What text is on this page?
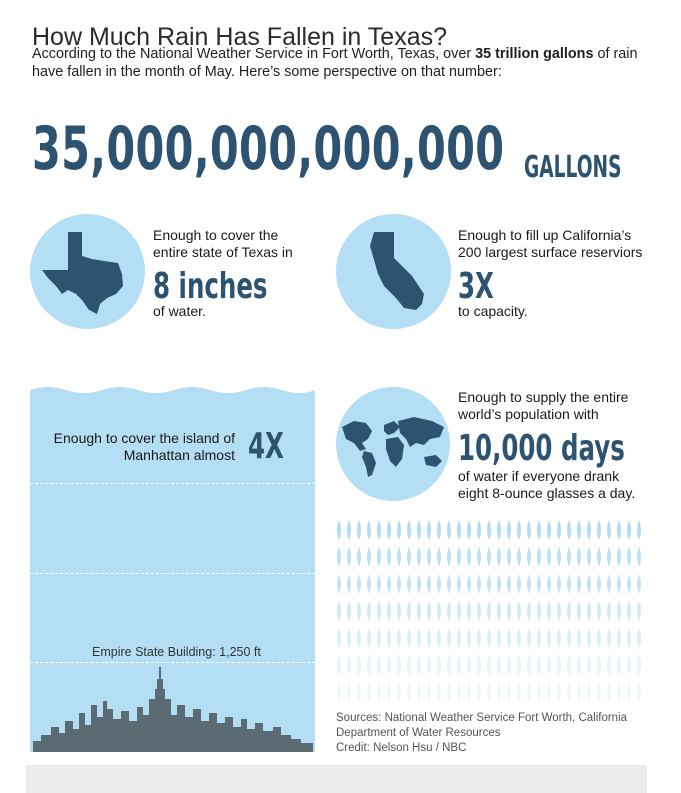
How Much Rain Has Fallen in Texas?
According to the National Weather Service in Fort Worth, Texas, over 35 trillion gallons of rain have fallen in the month of May. Here’s some perspective on that number:
35,000,000,000,000 GALLONS
Enough to cover the entire state of Texas in
8 inches
of water.
Enough to fill up California’s 200 largest surface reserviors
3X
to capacity.
Enough to cover the island of Manhattan almost 4X
Empire State Building: 1,250 ft
Enough to supply the entire world’s population with
10,000 days
of water if everyone drank eight 8-ounce glasses a day.
Sources: National Weather Service Fort Worth, California
Department of Water Resources
Credit: Nelson Hsu / NBC
